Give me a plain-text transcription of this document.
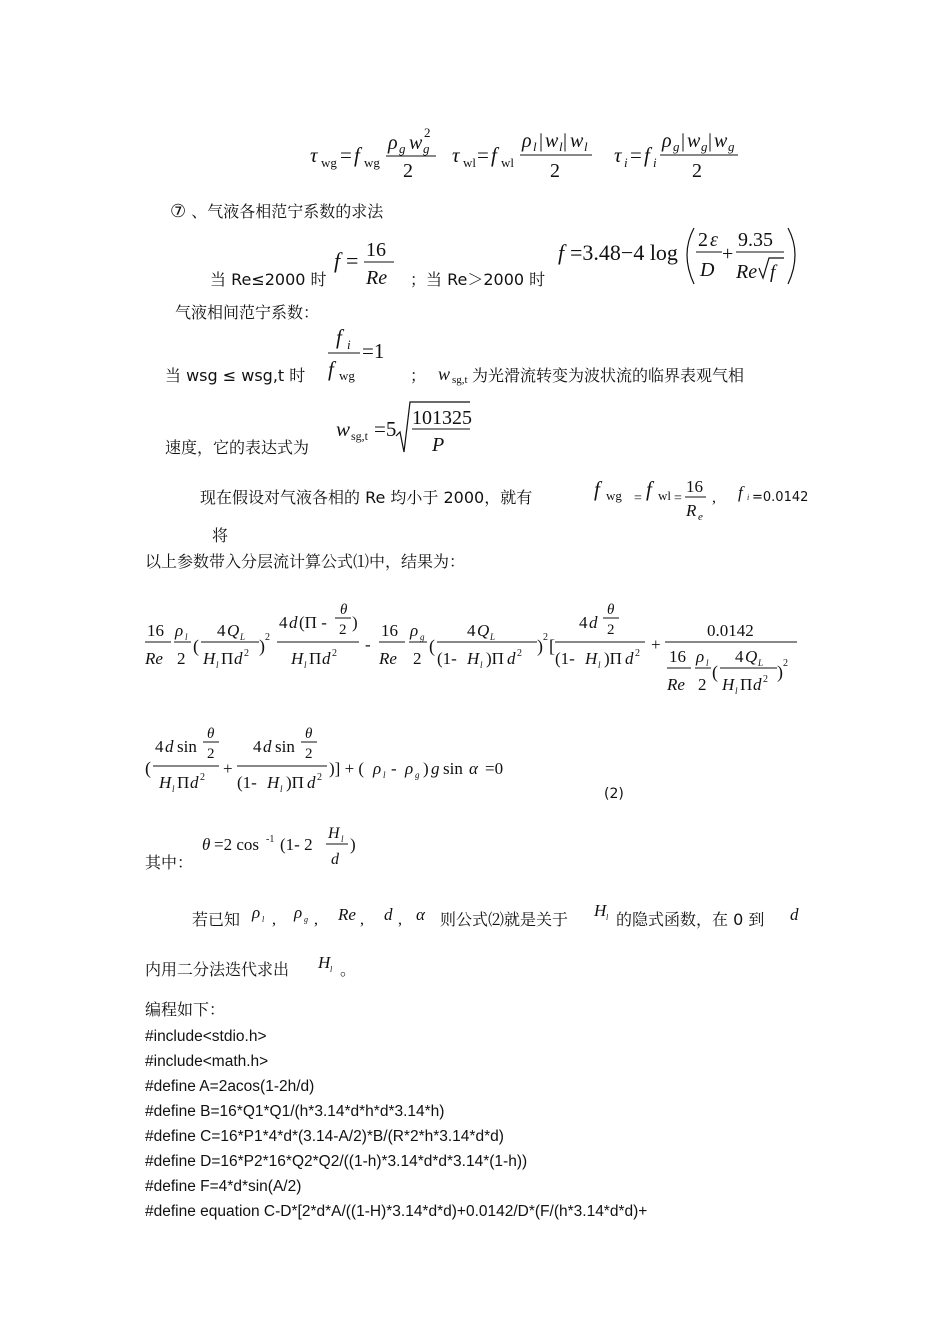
τ wg = f wg
ρ g w g
2
2
τ wl = f wl
ρ l | w l | w l
2
τ i = f i
ρ g | w g | w g
2
⑦ 、气液各相范宁系数的求法
当 Re≤2000 时
f = 16
Re ；当 Re＞2000 时
f =3.48−4 log 2 ε
D
+
9.35
Re f
气液相间范宁系数：
当 wsg ≤ wsg,t 时
f i
f wg
=1
； w sg,t 为光滑流转变为波状流的临界表观气相
速度，它的表达式为
w sg,t =5 101325
P
现在假设对气液各相的 Re 均小于 2000，就有	f wg = f wl =
16
R e
, f i =0.0142
将
以上参数带入分层流计算公式⑴中，结果为：
16
Re
ρ l
2
(
4 Q L
H l Π d 2 ) 2
4 d (Π -
θ
2 )
H l Π d 2 -
16
Re
ρ g
2
(
4 Q L
(1- H l )Π d 2 ) 2 [
4 d
θ
2
(1- H l )Π d 2 +
0.0142
16
Re
ρ l
2
(
4 Q L
H l Π d 2 ) 2
(
4 d sin
θ
2
H l Π d 2 +
4 d sin
θ
2
(1- H l )Π d 2 )] + ( ρ l - ρ g ) g sin α =0
(2)
其中：
θ =2 cos -1 (1- 2
H l
d
)
若已知 ρ l , ρ g , Re , d , α 则公式⑵就是关于 H l 的隐式函数，在 0 到 d
内用二分法迭代求出 H l 。
编程如下：
#include<stdio.h>
#include<math.h>
#define A=2acos(1-2h/d)
#define B=16*Q1*Q1/(h*3.14*d*h*d*3.14*h)
#define C=16*P1*4*d*(3.14-A/2)*B/(R*2*h*3.14*d*d)
#define D=16*P2*16*Q2*Q2/((1-h)*3.14*d*d*3.14*(1-h))
#define F=4*d*sin(A/2)
#define equation C-D*[2*d*A/((1-H)*3.14*d*d)+0.0142/D*(F/(h*3.14*d*d)+
